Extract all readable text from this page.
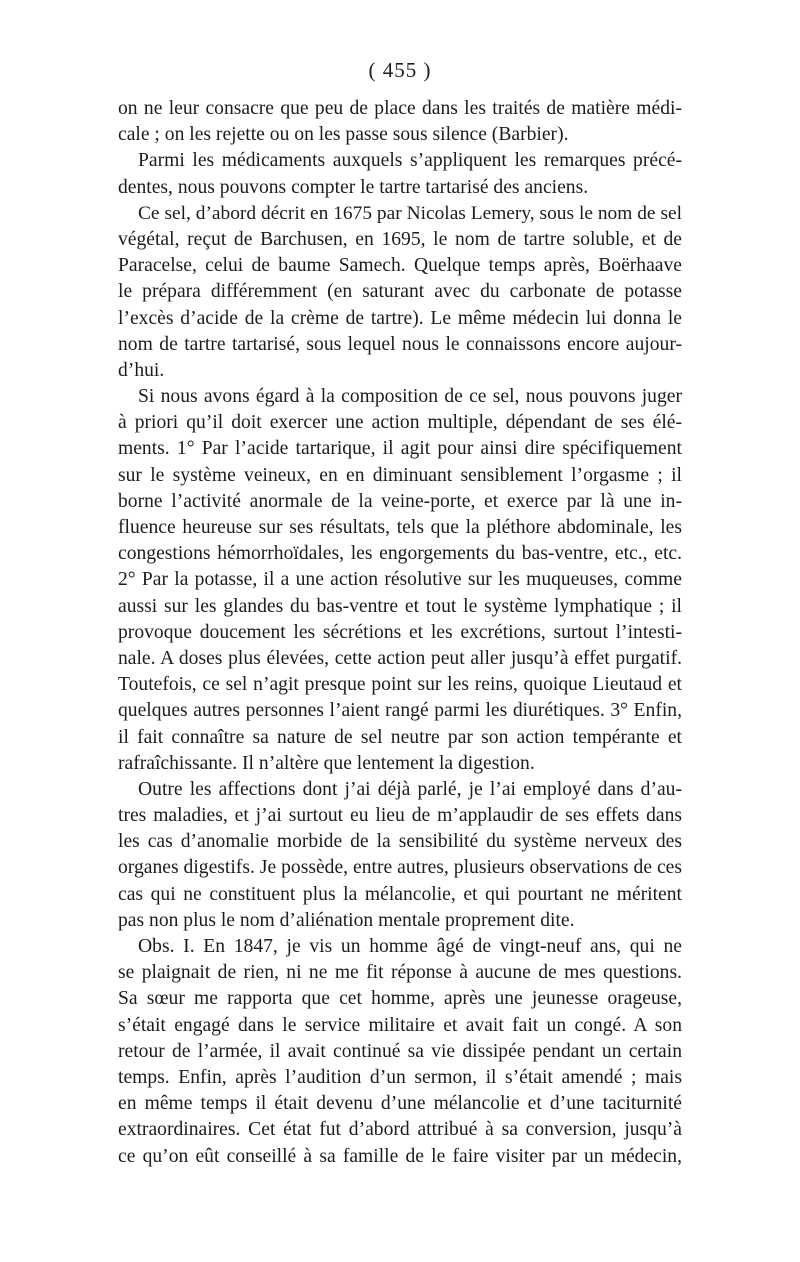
( 455 )
on ne leur consacre que peu de place dans les traités de matière médi-
cale ; on les rejette ou on les passe sous silence (Barbier).
Parmi les médicaments auxquels s’appliquent les remarques précé-
dentes, nous pouvons compter le tartre tartarisé des anciens.
Ce sel, d’abord décrit en 1675 par Nicolas Lemery, sous le nom de sel
végétal, reçut de Barchusen, en 1695, le nom de tartre soluble, et de
Paracelse, celui de baume Samech. Quelque temps après, Boërhaave
le prépara différemment (en saturant avec du carbonate de potasse
l’excès d’acide de la crème de tartre). Le même médecin lui donna le
nom de tartre tartarisé, sous lequel nous le connaissons encore aujour-
d’hui.
Si nous avons égard à la composition de ce sel, nous pouvons juger
à priori qu’il doit exercer une action multiple, dépendant de ses élé-
ments. 1° Par l’acide tartarique, il agit pour ainsi dire spécifiquement
sur le système veineux, en en diminuant sensiblement l’orgasme ; il
borne l’activité anormale de la veine-porte, et exerce par là une in-
fluence heureuse sur ses résultats, tels que la pléthore abdominale, les
congestions hémorrhoïdales, les engorgements du bas-ventre, etc., etc.
2° Par la potasse, il a une action résolutive sur les muqueuses, comme
aussi sur les glandes du bas-ventre et tout le système lymphatique ; il
provoque doucement les sécrétions et les excrétions, surtout l’intesti-
nale. A doses plus élevées, cette action peut aller jusqu’à effet purgatif.
Toutefois, ce sel n’agit presque point sur les reins, quoique Lieutaud et
quelques autres personnes l’aient rangé parmi les diurétiques. 3° Enfin,
il fait connaître sa nature de sel neutre par son action tempérante et
rafraîchissante. Il n’altère que lentement la digestion.
Outre les affections dont j’ai déjà parlé, je l’ai employé dans d’au-
tres maladies, et j’ai surtout eu lieu de m’applaudir de ses effets dans
les cas d’anomalie morbide de la sensibilité du système nerveux des
organes digestifs. Je possède, entre autres, plusieurs observations de ces
cas qui ne constituent plus la mélancolie, et qui pourtant ne méritent
pas non plus le nom d’aliénation mentale proprement dite.
Obs. I. En 1847, je vis un homme âgé de vingt-neuf ans, qui ne
se plaignait de rien, ni ne me fit réponse à aucune de mes questions.
Sa sœur me rapporta que cet homme, après une jeunesse orageuse,
s’était engagé dans le service militaire et avait fait un congé. A son
retour de l’armée, il avait continué sa vie dissipée pendant un certain
temps. Enfin, après l’audition d’un sermon, il s’était amendé ; mais
en même temps il était devenu d’une mélancolie et d’une taciturnité
extraordinaires. Cet état fut d’abord attribué à sa conversion, jusqu’à
ce qu’on eût conseillé à sa famille de le faire visiter par un médecin,
